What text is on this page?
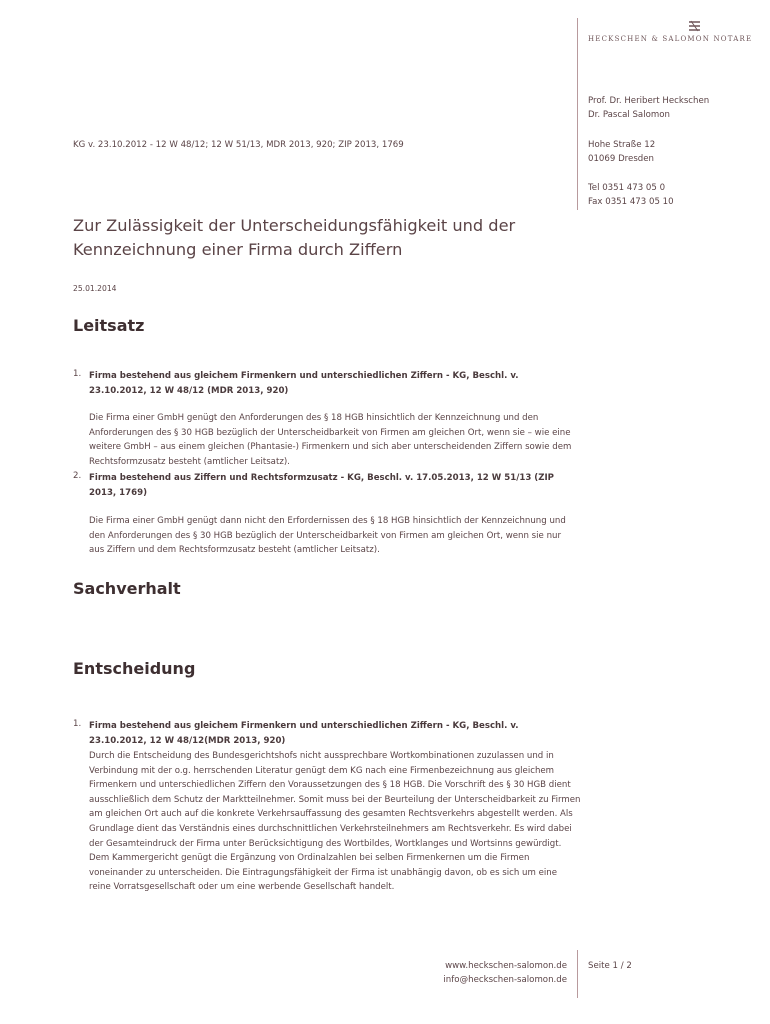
HECKSCHEN & SALOMON NOTARE
Prof. Dr. Heribert Heckschen
Dr. Pascal Salomon
Hohe Straße 12
01069 Dresden
Tel 0351 473 05 0
Fax 0351 473 05 10
KG v. 23.10.2012 - 12 W 48/12; 12 W 51/13, MDR 2013, 920; ZIP 2013, 1769
Zur Zulässigkeit der Unterscheidungsfähigkeit und der Kennzeichnung einer Firma durch Ziffern
25.01.2014
Leitsatz
1. Firma bestehend aus gleichem Firmenkern und unterschiedlichen Ziffern - KG, Beschl. v. 23.10.2012, 12 W 48/12 (MDR 2013, 920)
Die Firma einer GmbH genügt den Anforderungen des § 18 HGB hinsichtlich der Kennzeichnung und den Anforderungen des § 30 HGB bezüglich der Unterscheidbarkeit von Firmen am gleichen Ort, wenn sie – wie eine weitere GmbH – aus einem gleichen (Phantasie-) Firmenkern und sich aber unterscheidenden Ziffern sowie dem Rechtsformzusatz besteht (amtlicher Leitsatz).
2. Firma bestehend aus Ziffern und Rechtsformzusatz - KG, Beschl. v. 17.05.2013, 12 W 51/13 (ZIP 2013, 1769)
Die Firma einer GmbH genügt dann nicht den Erfordernissen des § 18 HGB hinsichtlich der Kennzeichnung und den Anforderungen des § 30 HGB bezüglich der Unterscheidbarkeit von Firmen am gleichen Ort, wenn sie nur aus Ziffern und dem Rechtsformzusatz besteht (amtlicher Leitsatz).
Sachverhalt
Entscheidung
1. Firma bestehend aus gleichem Firmenkern und unterschiedlichen Ziffern - KG, Beschl. v. 23.10.2012, 12 W 48/12(MDR 2013, 920)
Durch die Entscheidung des Bundesgerichtshofs nicht aussprechbare Wortkombinationen zuzulassen und in Verbindung mit der o.g. herrschenden Literatur genügt dem KG nach eine Firmenbezeichnung aus gleichem Firmenkern und unterschiedlichen Ziffern den Voraussetzungen des § 18 HGB. Die Vorschrift des § 30 HGB dient ausschließlich dem Schutz der Marktteilnehmer. Somit muss bei der Beurteilung der Unterscheidbarkeit zu Firmen am gleichen Ort auch auf die konkrete Verkehrsauffassung des gesamten Rechtsverkehrs abgestellt werden. Als Grundlage dient das Verständnis eines durchschnittlichen Verkehrsteilnehmers am Rechtsverkehr. Es wird dabei der Gesamteindruck der Firma unter Berücksichtigung des Wortbildes, Wortklanges und Wortsinns gewürdigt. Dem Kammergericht genügt die Ergänzung von Ordinalzahlen bei selben Firmenkernen um die Firmen voneinander zu unterscheiden. Die Eintragungsfähigkeit der Firma ist unabhängig davon, ob es sich um eine reine Vorratsgesellschaft oder um eine werbende Gesellschaft handelt.
www.heckschen-salomon.de
info@heckschen-salomon.de
Seite 1 / 2
